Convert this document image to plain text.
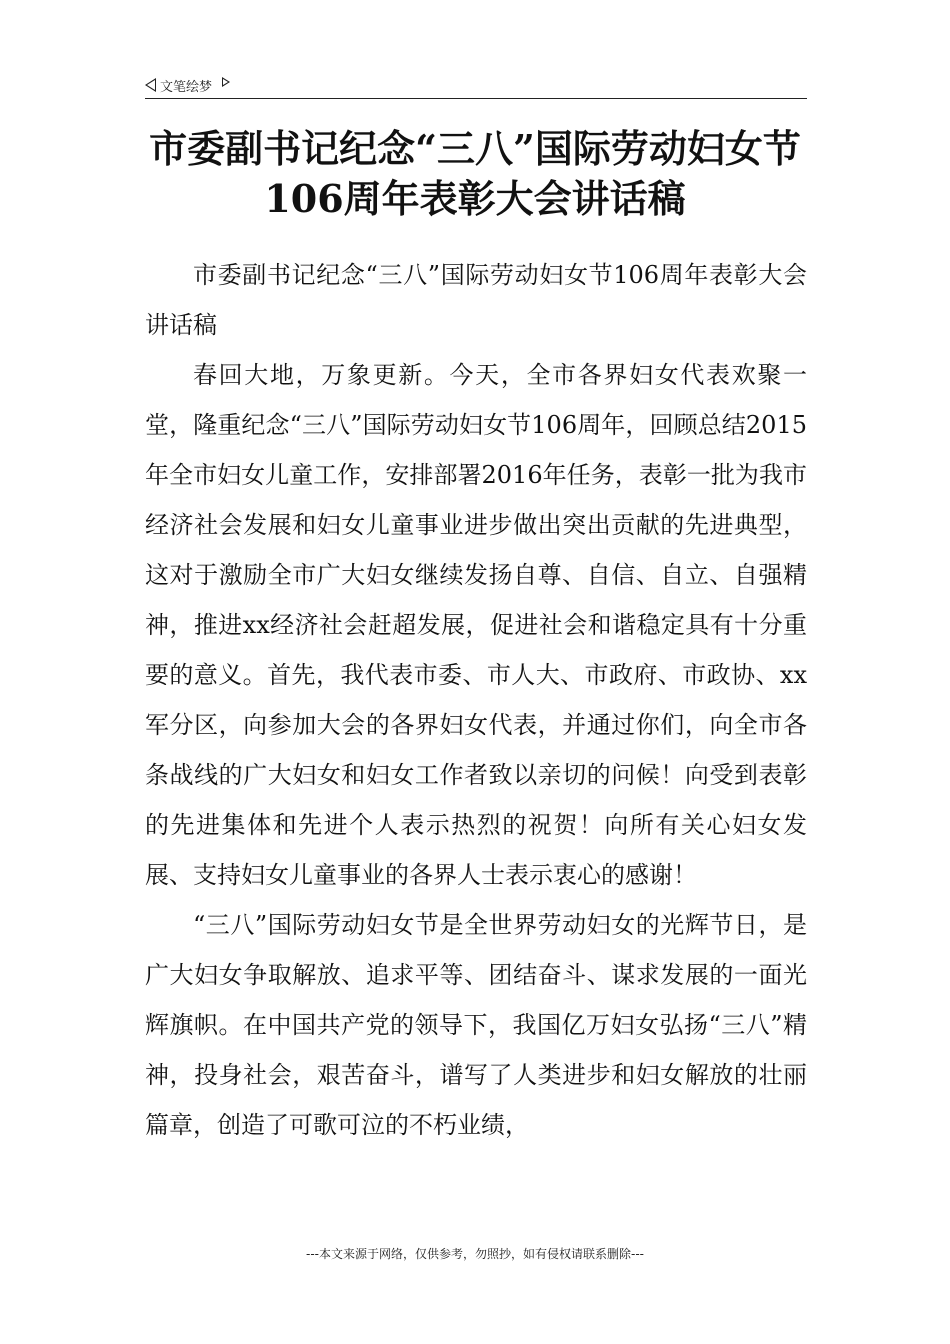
文笔绘梦
市委副书记纪念“三八”国际劳动妇女节106周年表彰大会讲话稿

市委副书记纪念“三八”国际劳动妇女节106周年表彰大会讲话稿

春回大地，万象更新。今天，全市各界妇女代表欢聚一堂，隆重纪念“三八”国际劳动妇女节106周年，回顾总结2015年全市妇女儿童工作，安排部署2016年任务，表彰一批为我市经济社会发展和妇女儿童事业进步做出突出贡献的先进典型，这对于激励全市广大妇女继续发扬自尊、自信、自立、自强精神，推进xx经济社会赶超发展，促进社会和谐稳定具有十分重要的意义。首先，我代表市委、市人大、市政府、市政协、xx军分区，向参加大会的各界妇女代表，并通过你们，向全市各条战线的广大妇女和妇女工作者致以亲切的问候！向受到表彰的先进集体和先进个人表示热烈的祝贺！向所有关心妇女发展、支持妇女儿童事业的各界人士表示衷心的感谢！

“三八”国际劳动妇女节是全世界劳动妇女的光辉节日，是广大妇女争取解放、追求平等、团结奋斗、谋求发展的一面光辉旗帜。在中国共产党的领导下，我国亿万妇女弘扬“三八”精神，投身社会，艰苦奋斗，谱写了人类进步和妇女解放的壮丽篇章，创造了可歌可泣的不朽业绩，

---本文来源于网络，仅供参考，勿照抄，如有侵权请联系删除---
